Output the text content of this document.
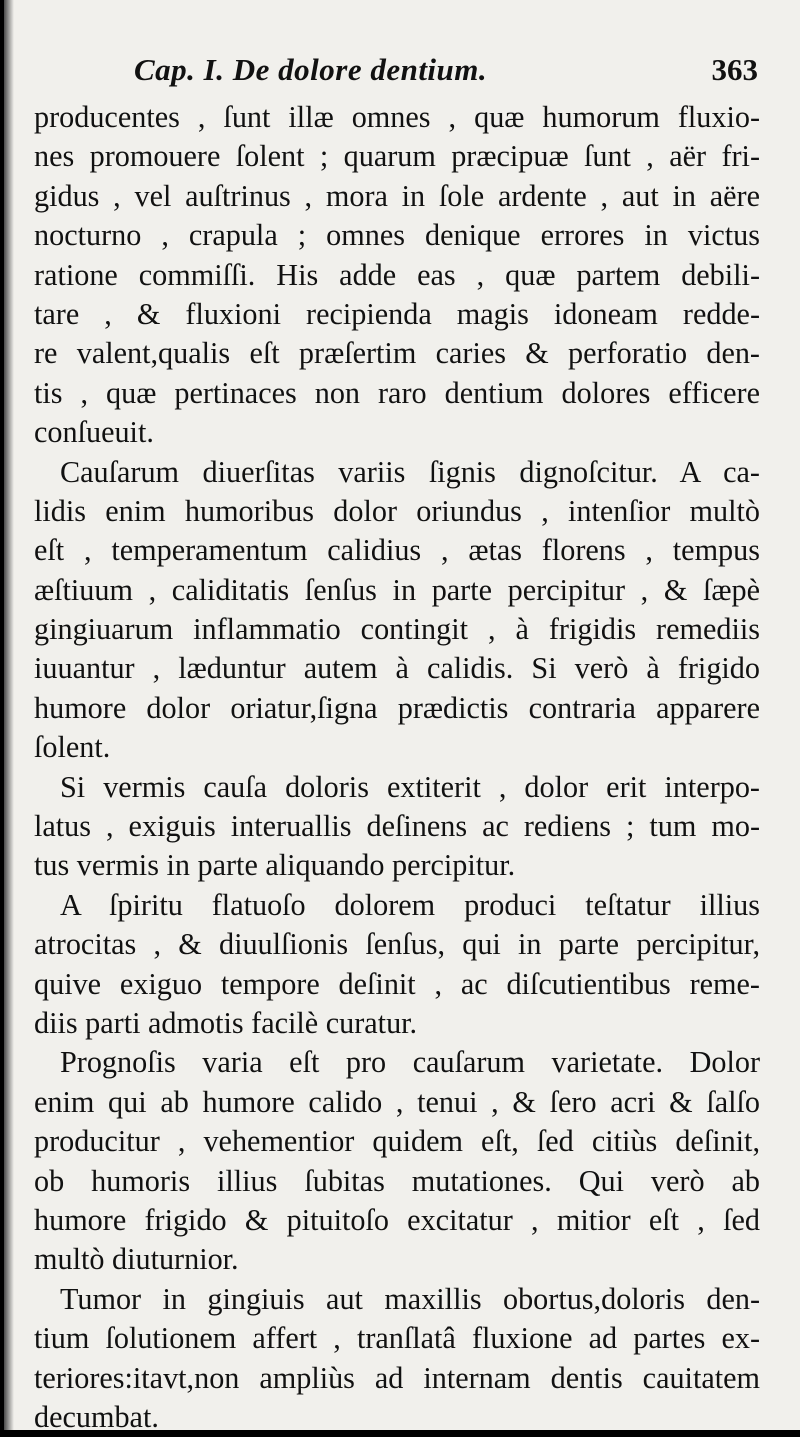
Cap. I. De dolore dentium.	363
producentes , ſunt illæ omnes , quæ humorum fluxio-
nes promouere ſolent ; quarum præcipuæ ſunt , aër fri-
gidus , vel auſtrinus , mora in ſole ardente , aut in aëre
nocturno , crapula ; omnes denique errores in victus
ratione commiſſi. His adde eas , quæ partem debili-
tare , & fluxioni recipienda magis idoneam redde-
re valent,qualis eſt præſertim caries & perforatio den-
tis , quæ pertinaces non raro dentium dolores efficere
conſueuit.
Cauſarum diuerſitas variis ſignis dignoſcitur. A ca-
lidis enim humoribus dolor oriundus , intenſior multò
eſt , temperamentum calidius , ætas florens , tempus
æſtiuum , caliditatis ſenſus in parte percipitur , & ſæpè
gingiuarum inflammatio contingit , à frigidis remediis
iuuantur , læduntur autem à calidis. Si verò à frigido
humore dolor oriatur,ſigna prædictis contraria apparere
ſolent.
Si vermis cauſa doloris extiterit , dolor erit interpo-
latus , exiguis interuallis deſinens ac rediens ; tum mo-
tus vermis in parte aliquando percipitur.
A ſpiritu flatuoſo dolorem produci teſtatur illius
atrocitas , & diuulſionis ſenſus, qui in parte percipitur,
quive exiguo tempore deſinit , ac diſcutientibus reme-
diis parti admotis facilè curatur.
Prognoſis varia eſt pro cauſarum varietate. Dolor
enim qui ab humore calido , tenui , & ſero acri & ſalſo
producitur , vehementior quidem eſt, ſed citiùs deſinit,
ob humoris illius ſubitas mutationes. Qui verò ab
humore frigido & pituitoſo excitatur , mitior eſt , ſed
multò diuturnior.
Tumor in gingiuis aut maxillis obortus,doloris den-
tium ſolutionem affert , tranſlatâ fluxione ad partes ex-
teriores:itavt,non ampliùs ad internam dentis cauitatem
decumbat.
